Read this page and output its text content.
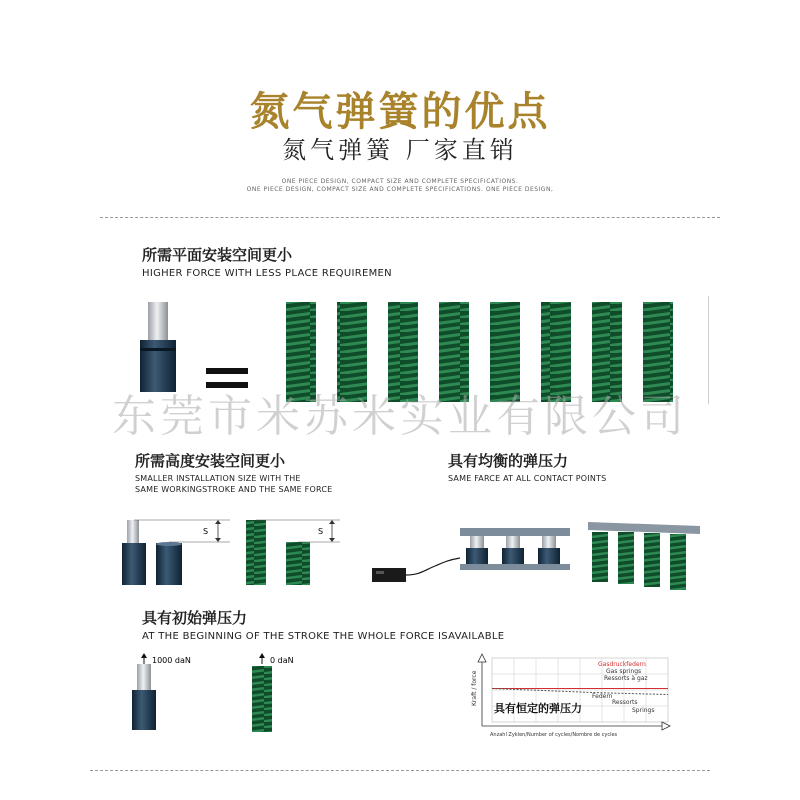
氮气弹簧的优点
氮气弹簧 厂家直销
ONE PIECE DESIGN, COMPACT SIZE AND COMPLETE SPECIFICATIONS.
ONE PIECE DESIGN, COMPACT SIZE AND COMPLETE SPECIFICATIONS. ONE PIECE DESIGN,
所需平面安装空间更小
HIGHER FORCE WITH LESS PLACE REQUIREMEN
东莞市米苏米实业有限公司
所需高度安装空间更小
SMALLER INSTALLATION SIZE WITH THE
SAME WORKINGSTROKE AND THE SAME FORCE
具有均衡的弹压力
SAME FARCE AT ALL CONTACT POINTS
S	S
具有初始弹压力
AT THE BEGINNING OF THE STROKE THE WHOLE FORCE ISAVAILABLE
1000 daN	0 daN
Kraft / force
Anzahl Zyklen/Number of cycles/Nombre de cycles
Gasdruckfedern
Gas springs
Ressorts à gaz
Federn
Ressorts
Springs
具有恒定的弹压力
